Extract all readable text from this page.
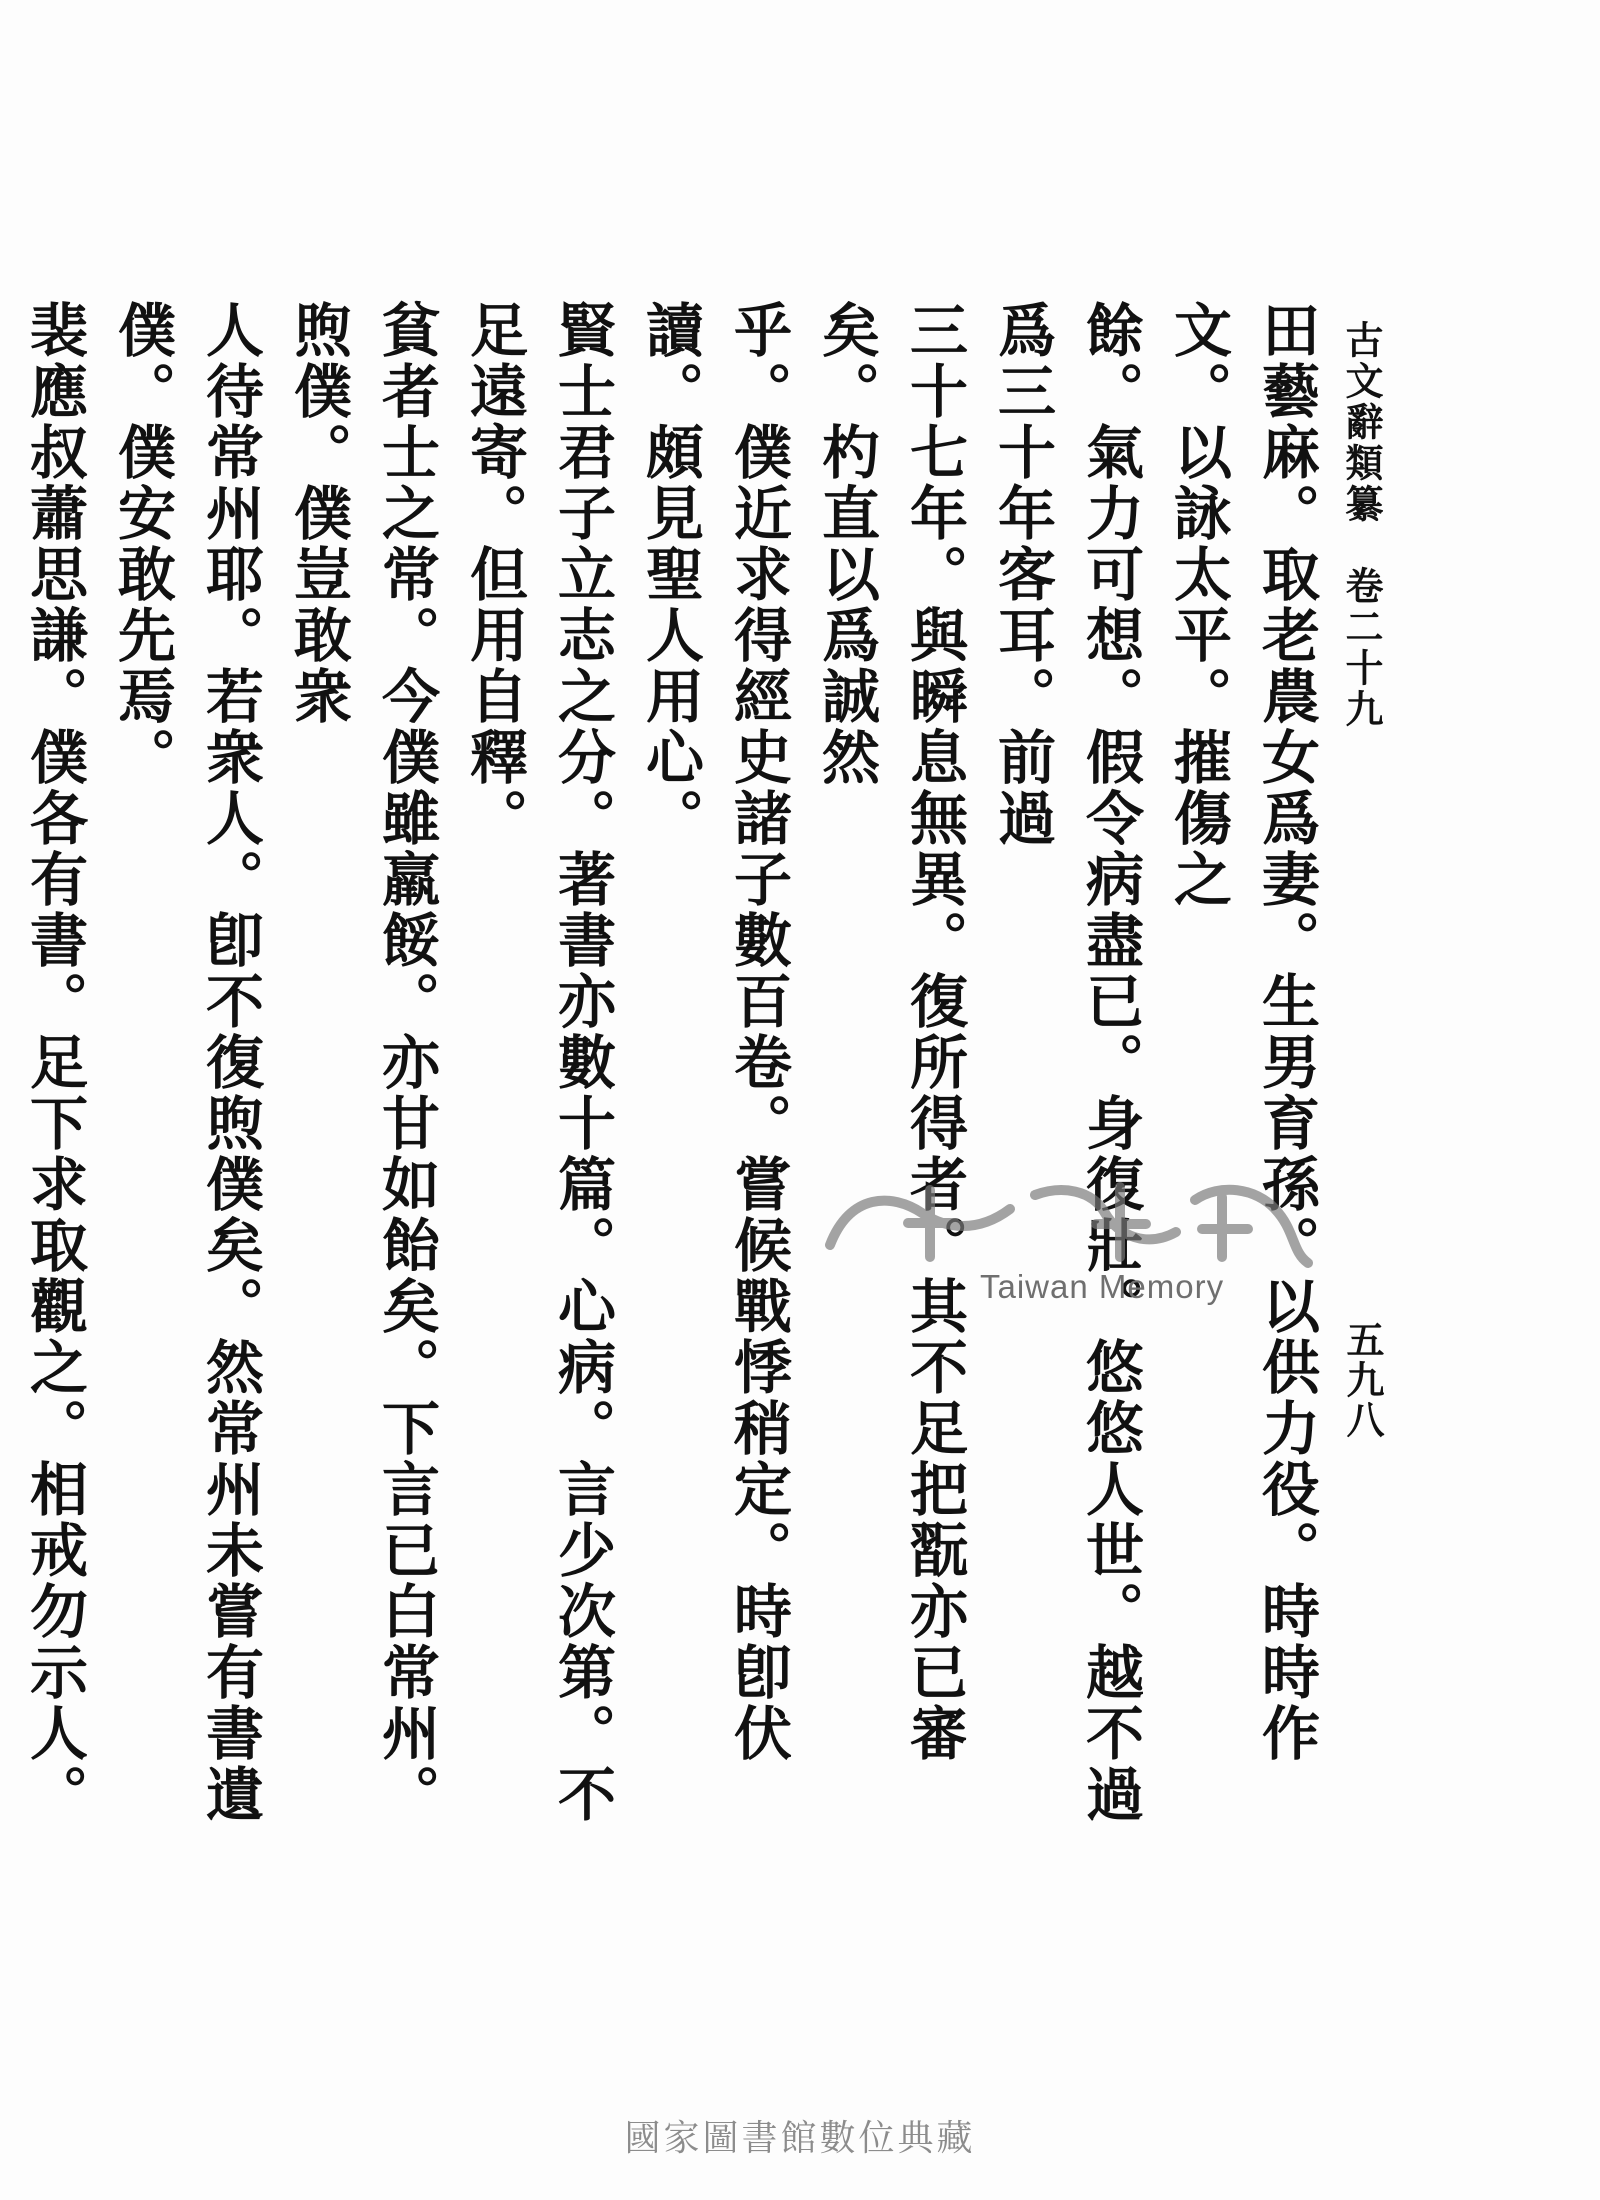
古文辭類纂　卷二十九
五九八

田藝麻。取老農女爲妻。生男育孫。以供力役。時時作文。以詠太平。摧傷之

餘。氣力可想。假令病盡已。身復壯。悠悠人世。越不過爲三十年客耳。前過

三十七年。與瞬息無異。復所得者。其不足把翫亦已審矣。杓直以爲誠然

乎。僕近求得經史諸子數百卷。嘗候戰悸稍定。時卽伏讀。頗見聖人用心。

賢士君子立志之分。著書亦數十篇。心病。言少次第。不足遠寄。但用自釋。

貧者士之常。今僕雖羸餒。亦甘如飴矣。下言已白常州。煦僕。僕豈敢衆

人待常州耶。若衆人。卽不復煦僕矣。然常州未嘗有書遺僕。僕安敢先焉。

裴應叔蕭思謙。僕各有書。足下求取觀之。相戒勿示人。

Taiwan Memory
國家圖書館數位典藏
